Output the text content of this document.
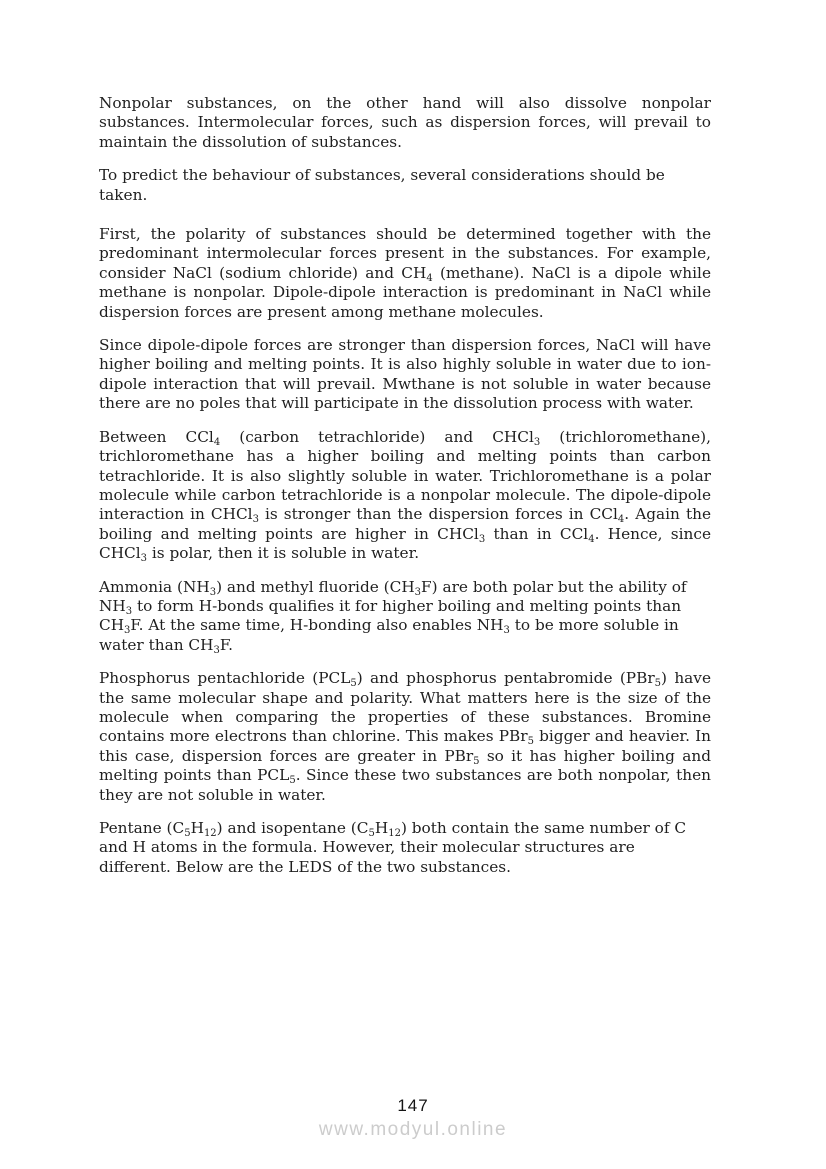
Nonpolar substances, on the other hand will also dissolve nonpolar substances. Intermolecular forces, such as dispersion forces, will prevail to maintain the dissolution of substances.

To predict the behaviour of substances, several considerations should be taken.

First, the polarity of substances should be determined together with the predominant intermolecular forces present in the substances. For example, consider NaCl (sodium chloride) and $CH_4$ (methane). NaCl is a dipole while methane is nonpolar. Dipole-dipole interaction is predominant in NaCl while dispersion forces are present among methane molecules.

Since dipole-dipole forces are stronger than dispersion forces, NaCl will have higher boiling and melting points. It is also highly soluble in water due to ion-dipole interaction that will prevail. Mwthane is not soluble in water because there are no poles that will participate in the dissolution process with water.

Between CCl$_4$ (carbon tetrachloride) and CHCl$_3$ (trichloromethane), trichloromethane has a higher boiling and melting points than carbon tetrachloride. It is also slightly soluble in water. Trichloromethane is a polar molecule while carbon tetrachloride is a nonpolar molecule. The dipole-dipole interaction in CHCl$_3$ is stronger than the dispersion forces in CCl$_4$. Again the boiling and melting points are higher in CHCl$_3$ than in CCl$_4$. Hence, since CHCl$_3$ is polar, then it is soluble in water.

Ammonia $(NH_3)$ and methyl fluoride $(CH_3F)$ are both polar but the ability of $NH_3$ to form H-bonds qualifies it for higher boiling and melting points than $CH_3F$. At the same time, H-bonding also enables $NH_3$ to be more soluble in water than $CH_3F$.

Phosphorus pentachloride $(PCL_5)$ and phosphorus pentabromide (PBr$_5$) have the same molecular shape and polarity. What matters here is the size of the molecule when comparing the properties of these substances. Bromine contains more electrons than chlorine. This makes PBr$_5$ bigger and heavier. In this case, dispersion forces are greater in PBr$_5$ so it has higher boiling and melting points than $PCL_5$. Since these two substances are both nonpolar, then they are not soluble in water.

Pentane $(C_5H_{12})$ and isopentane $(C_5H_{12})$ both contain the same number of C and H atoms in the formula. However, their molecular structures are different. Below are the LEDS of the two substances.

147
www.modyul.online
